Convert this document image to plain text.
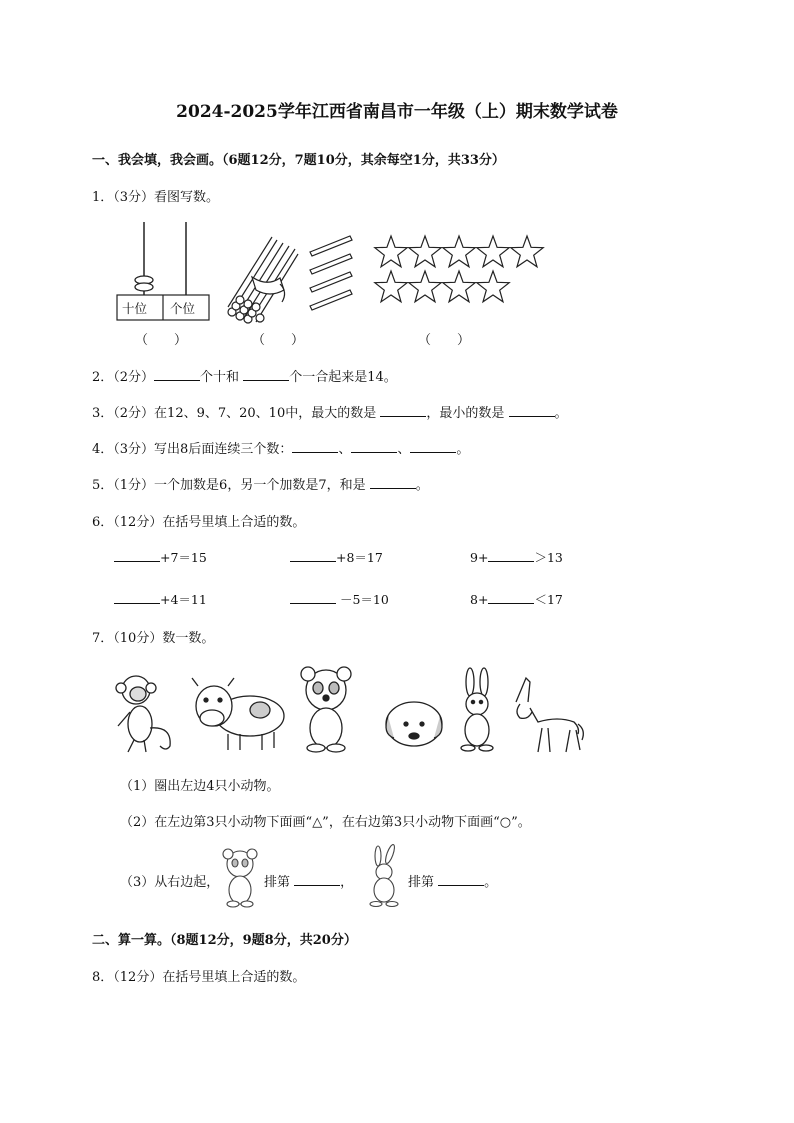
2024-2025学年江西省南昌市一年级（上）期末数学试卷
一、我会填，我会画。（6题12分，7题10分，其余每空1分，共33分）
1．（3分）看图写数。
十位 个位
（　　）	（　　）	（　　）
2．（2分）	个十和	个一合起来是14。
3．（2分）在12、9、7、20、10中，最大的数是	，最小的数是	。
4．（3分）写出8后面连续三个数：	、	、	。
5．（1分）一个加数是6，另一个加数是7，和是	。
6．（12分）在括号里填上合适的数。
+7＝15	+8＝17	9+	＞13
+4＝11	－5＝10	8+	＜17
7．（10分）数一数。
（1）圈出左边4只小动物。
（2）在左边第3只小动物下面画“△”，在右边第3只小动物下面画“○”。
（3）从右边起，	排第	，	排第	。
二、算一算。（8题12分，9题8分，共20分）
8．（12分）在括号里填上合适的数。
